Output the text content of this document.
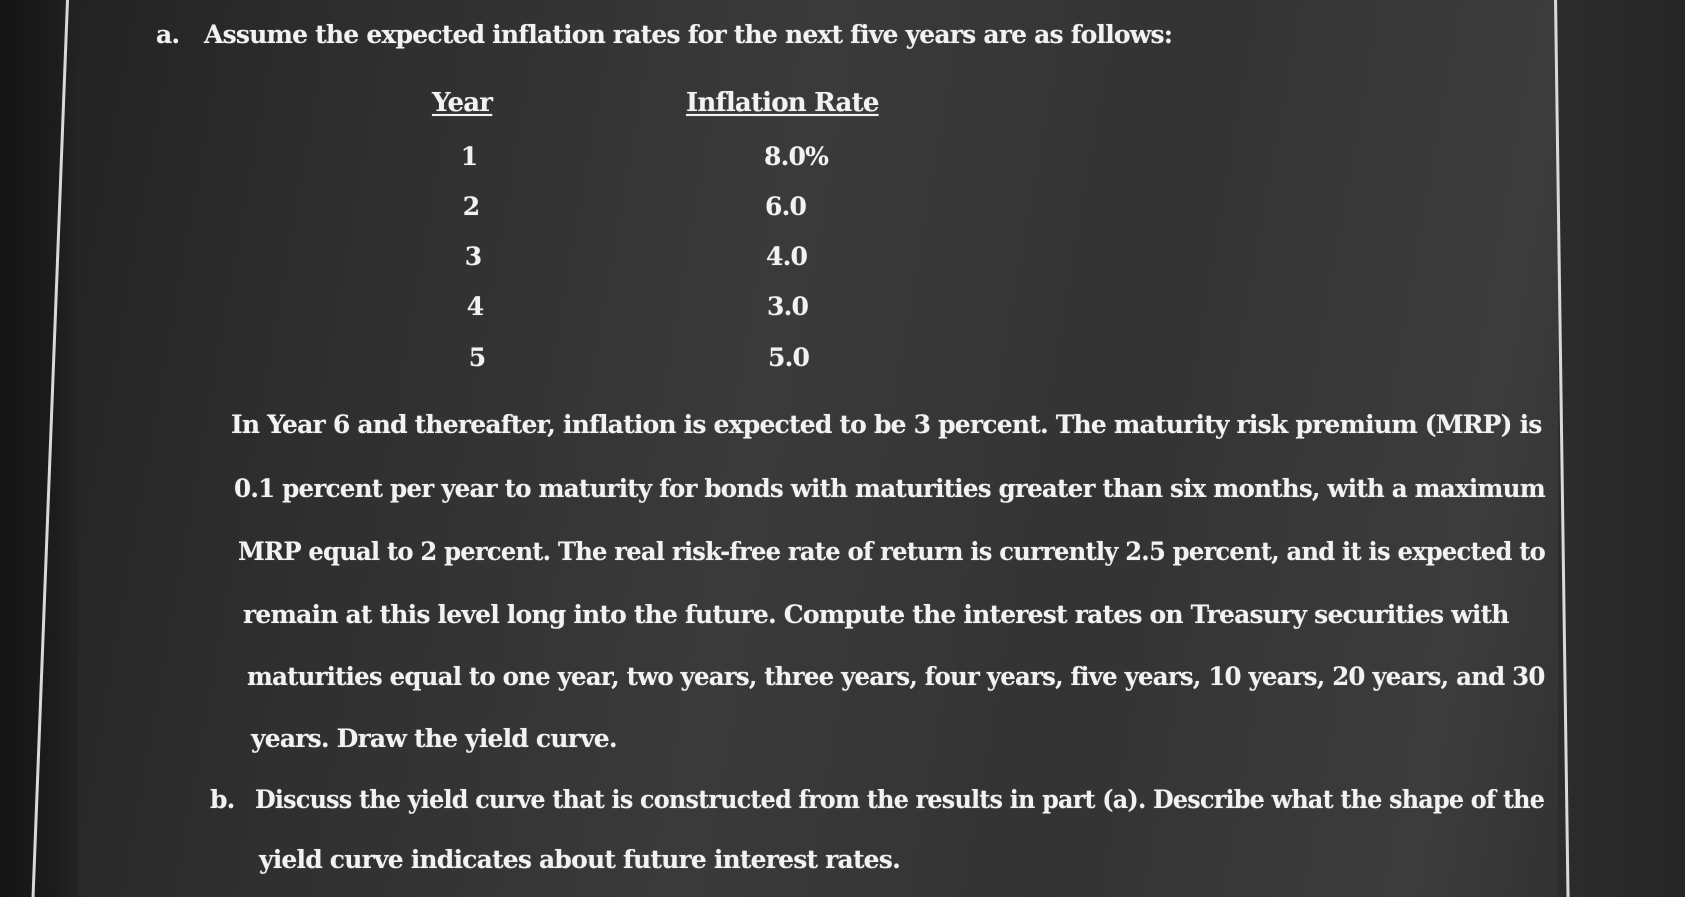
a. Assume the expected inflation rates for the next five years are as follows:
Year	Inflation Rate
1	8.0%
2	6.0
3	4.0
4	3.0
5	5.0
In Year 6 and thereafter, inflation is expected to be 3 percent. The maturity risk premium (MRP) is
0.1 percent per year to maturity for bonds with maturities greater than six months, with a maximum
MRP equal to 2 percent. The real risk-free rate of return is currently 2.5 percent, and it is expected to
remain at this level long into the future. Compute the interest rates on Treasury securities with
maturities equal to one year, two years, three years, four years, five years, 10 years, 20 years, and 30
years. Draw the yield curve.
b. Discuss the yield curve that is constructed from the results in part (a). Describe what the shape of the
yield curve indicates about future interest rates.
